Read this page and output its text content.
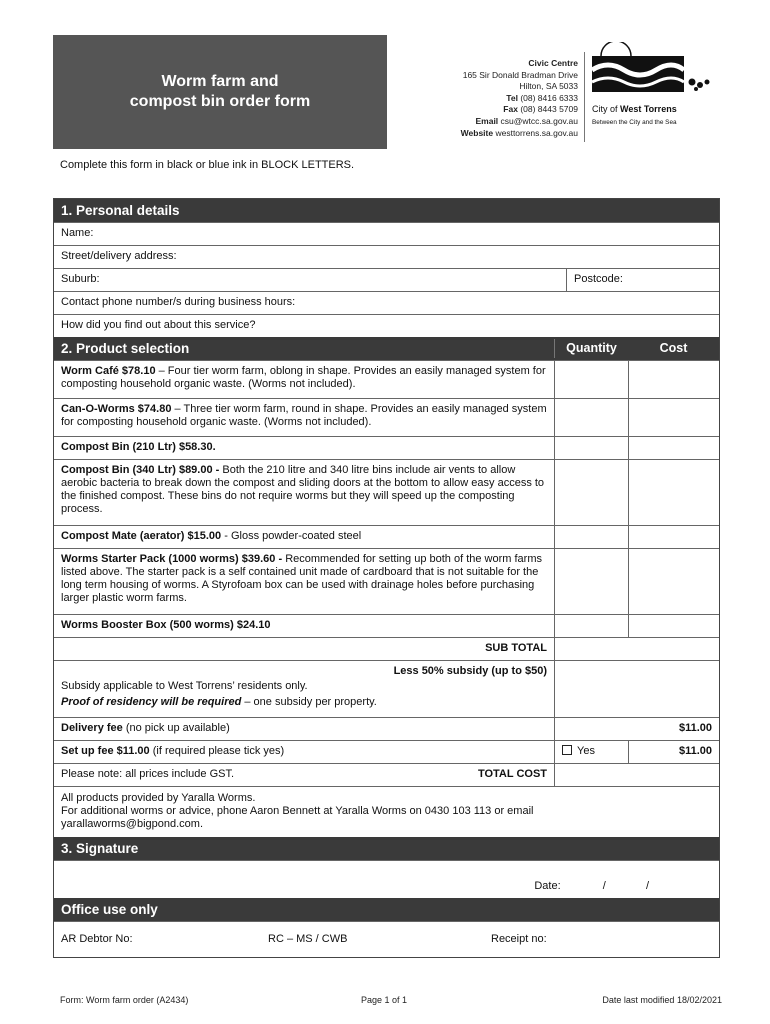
Worm farm and
compost bin order form
Civic Centre
165 Sir Donald Bradman Drive
Hilton, SA 5033
Tel (08) 8416 6333
Fax (08) 8443 5709
Email csu@wtcc.sa.gov.au
Website westtorrens.sa.gov.au
City of West Torrens
Between the City and the Sea
Complete this form in black or blue ink in BLOCK LETTERS.
1. Personal details
Name:
Street/delivery address:
Suburb:	Postcode:
Contact phone number/s during business hours:
How did you find out about this service?
2. Product selection	Quantity	Cost
Worm Café $78.10 – Four tier worm farm, oblong in shape. Provides an easily managed system for composting household organic waste. (Worms not included).
Can-O-Worms $74.80 – Three tier worm farm, round in shape. Provides an easily managed system for composting household organic waste. (Worms not included).
Compost Bin (210 Ltr) $58.30.
Compost Bin (340 Ltr) $89.00 - Both the 210 litre and 340 litre bins include air vents to allow aerobic bacteria to break down the compost and sliding doors at the bottom to allow easy access to the finished compost. These bins do not require worms but they will speed up the composting process.
Compost Mate (aerator) $15.00 - Gloss powder-coated steel
Worms Starter Pack (1000 worms) $39.60 - Recommended for setting up both of the worm farms listed above. The starter pack is a self contained unit made of cardboard that is not suitable for the long term housing of worms. A Styrofoam box can be used with drainage holes before purchasing larger plastic worm farms.
Worms Booster Box (500 worms) $24.10
SUB TOTAL
Less 50% subsidy (up to $50)
Subsidy applicable to West Torrens’ residents only.
Proof of residency will be required – one subsidy per property.
Delivery fee (no pick up available)	$11.00
Set up fee $11.00 (if required please tick yes)	Yes	$11.00
Please note: all prices include GST.	TOTAL COST
All products provided by Yaralla Worms.
For additional worms or advice, phone Aaron Bennett at Yaralla Worms on 0430 103 113 or email
yarallaworms@bigpond.com.
3. Signature
Date:	/	/
Office use only
AR Debtor No:	RC – MS / CWB	Receipt no:
Form: Worm farm order (A2434)	Page 1 of 1	Date last modified 18/02/2021
